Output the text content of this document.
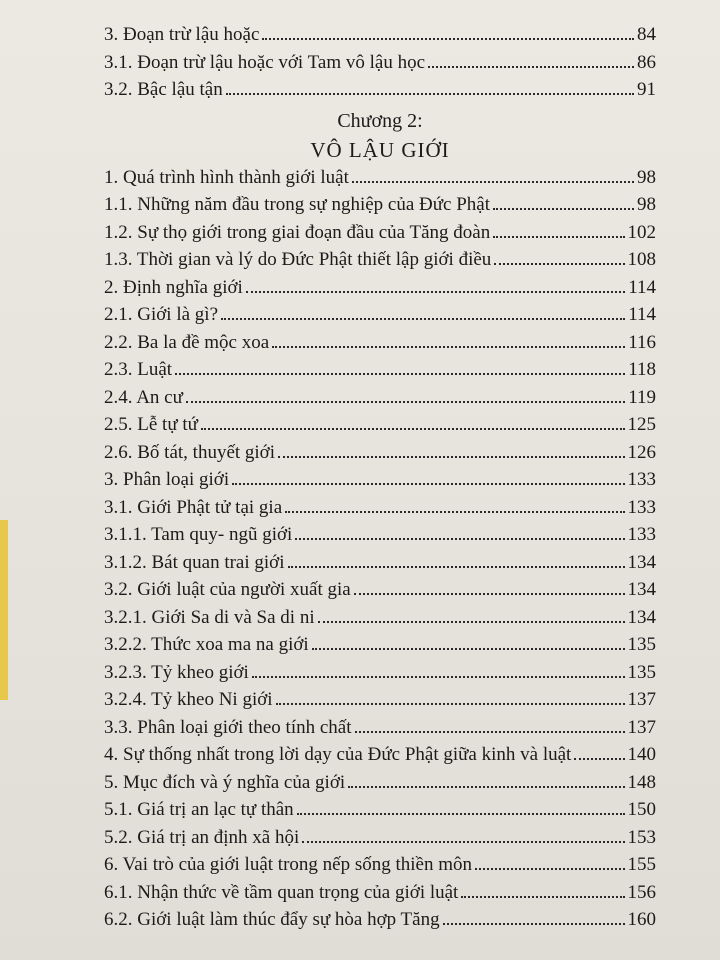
3. Đoạn trừ lậu hoặc	84
3.1. Đoạn trừ lậu hoặc với Tam vô lậu học	86
3.2. Bậc lậu tận	91
Chương 2:
VÔ LẬU GIỚI
1. Quá trình hình thành giới luật	98
1.1. Những năm đầu trong sự nghiệp của Đức Phật	98
1.2. Sự thọ giới trong giai đoạn đầu của Tăng đoàn	102
1.3. Thời gian và lý do Đức Phật thiết lập giới điều	108
2. Định nghĩa giới	114
2.1. Giới là gì?	114
2.2. Ba la đề mộc xoa	116
2.3. Luật	118
2.4. An cư	119
2.5. Lễ tự tứ	125
2.6. Bố tát, thuyết giới	126
3. Phân loại giới	133
3.1. Giới Phật tử tại gia	133
3.1.1. Tam quy- ngũ giới	133
3.1.2. Bát quan trai giới	134
3.2. Giới luật của người xuất gia	134
3.2.1. Giới Sa di và Sa di ni	134
3.2.2. Thức xoa ma na giới	135
3.2.3. Tỷ kheo giới	135
3.2.4. Tỷ kheo Ni giới	137
3.3. Phân loại giới theo tính chất	137
4. Sự thống nhất trong lời dạy của Đức Phật giữa kinh và luật	140
5. Mục đích và ý nghĩa của giới	148
5.1. Giá trị an lạc tự thân	150
5.2. Giá trị an định xã hội	153
6. Vai trò của giới luật trong nếp sống thiền môn	155
6.1. Nhận thức về tầm quan trọng của giới luật	156
6.2. Giới luật làm thúc đẩy sự hòa hợp Tăng	160
